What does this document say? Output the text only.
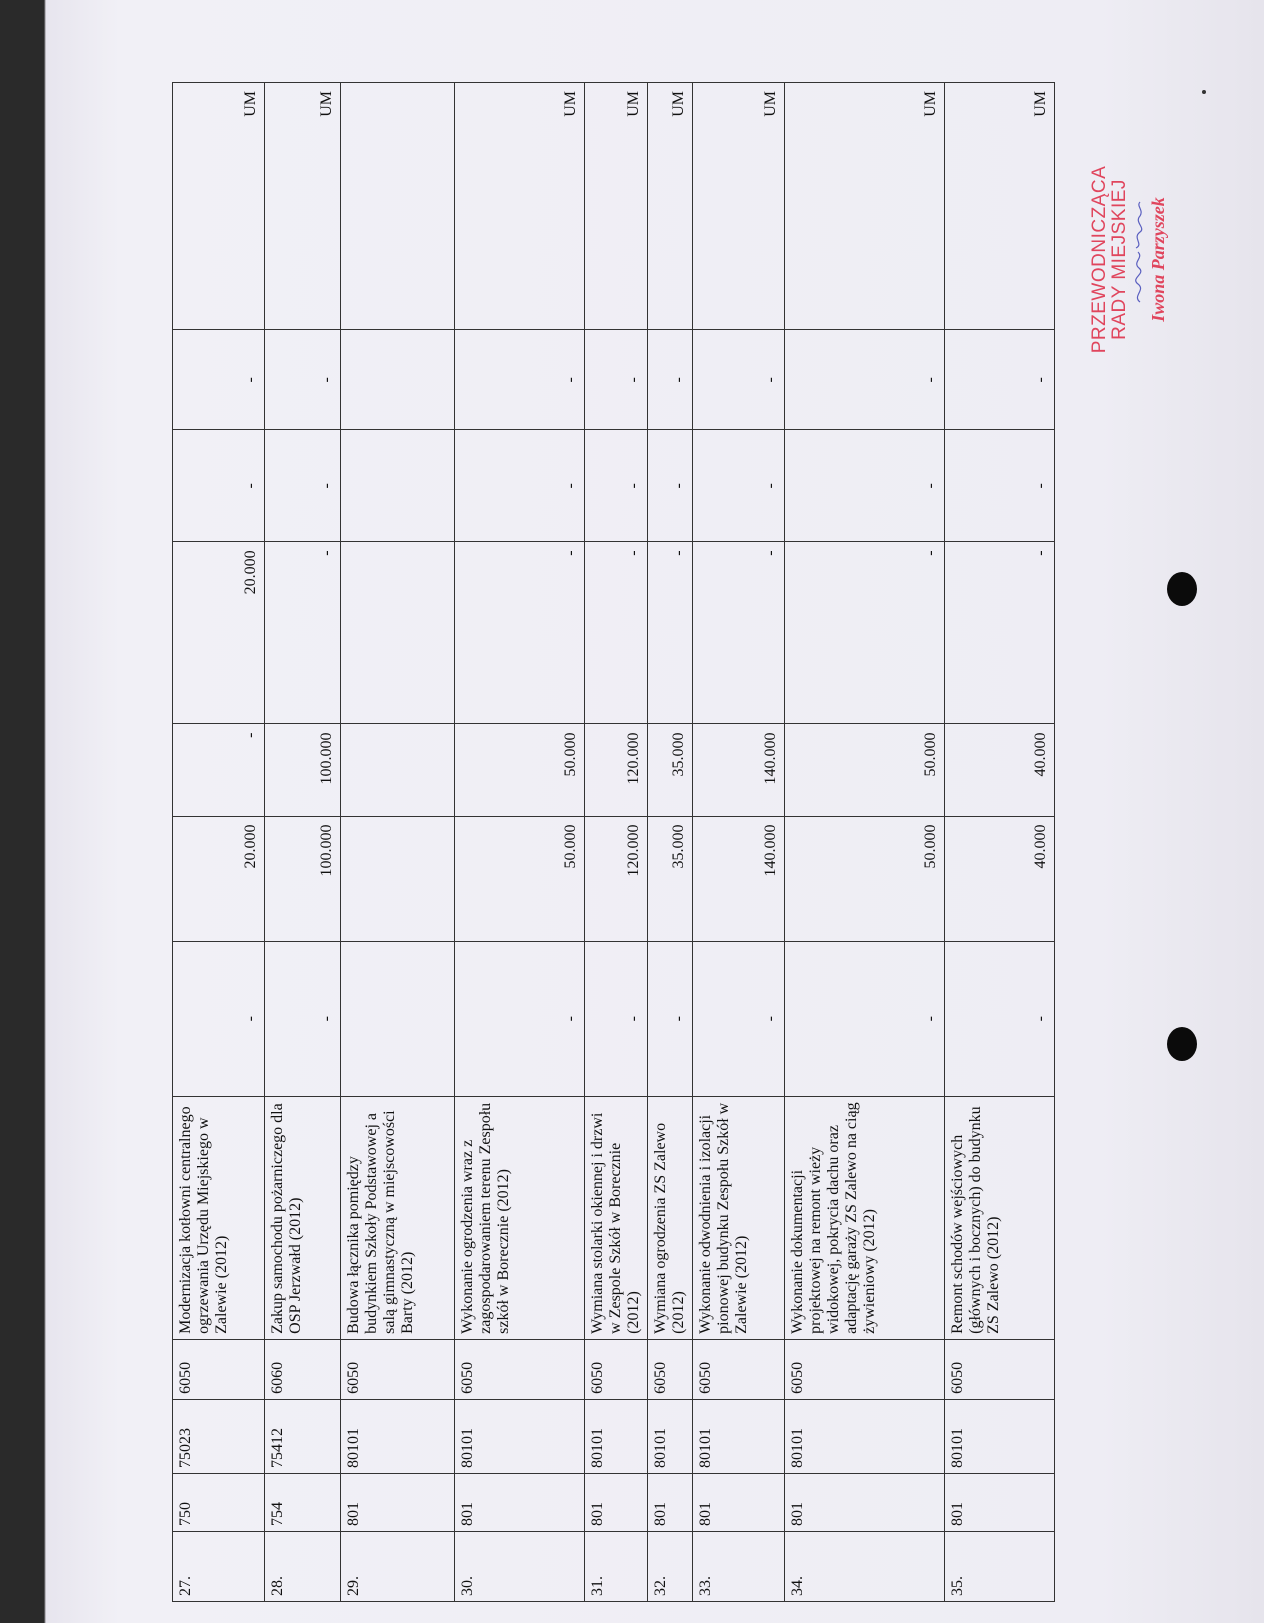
27.	750	75023	6050	Modernizacja kotłowni centralnego ogrzewania Urzędu Miejskiego w Zalewie (2012)	-	20.000	-	20.000	-	-	UM
28.	754	75412	6060	Zakup samochodu pożarniczego dla OSP Jerzwałd (2012)	-	100.000	100.000	-	-	-	UM
29.	801	80101	6050	Budowa łącznika pomiędzy budynkiem Szkoły Podstawowej a salą gimnastyczną w miejscowości Barty (2012)							
30.	801	80101	6050	Wykonanie ogrodzenia wraz z zagospodarowaniem terenu Zespołu szkół w Borecznie (2012)	-	50.000	50.000	-	-	-	UM
31.	801	80101	6050	Wymiana stolarki okiennej i drzwi w Zespole Szkół w Borecznie (2012)	-	120.000	120.000	-	-	-	UM
32.	801	80101	6050	Wymiana ogrodzenia ZS Zalewo (2012)	-	35.000	35.000	-	-	-	UM
33.	801	80101	6050	Wykonanie odwodnienia i izolacji pionowej budynku Zespołu Szkół w Zalewie (2012)	-	140.000	140.000	-	-	-	UM
34.	801	80101	6050	Wykonanie dokumentacji projektowej na remont wieży widokowej, pokrycia dachu oraz adaptację garaży ZS Zalewo na ciąg żywieniowy (2012)	-	50.000	50.000	-	-	-	UM
35.	801	80101	6050	Remont schodów wejściowych (głównych i bocznych) do budynku ZS Zalewo (2012)	-	40.000	40.000	-	-	-	UM
PRZEWODNICZĄCA RADY MIEJSKIEJ Iwona Parzyszek
